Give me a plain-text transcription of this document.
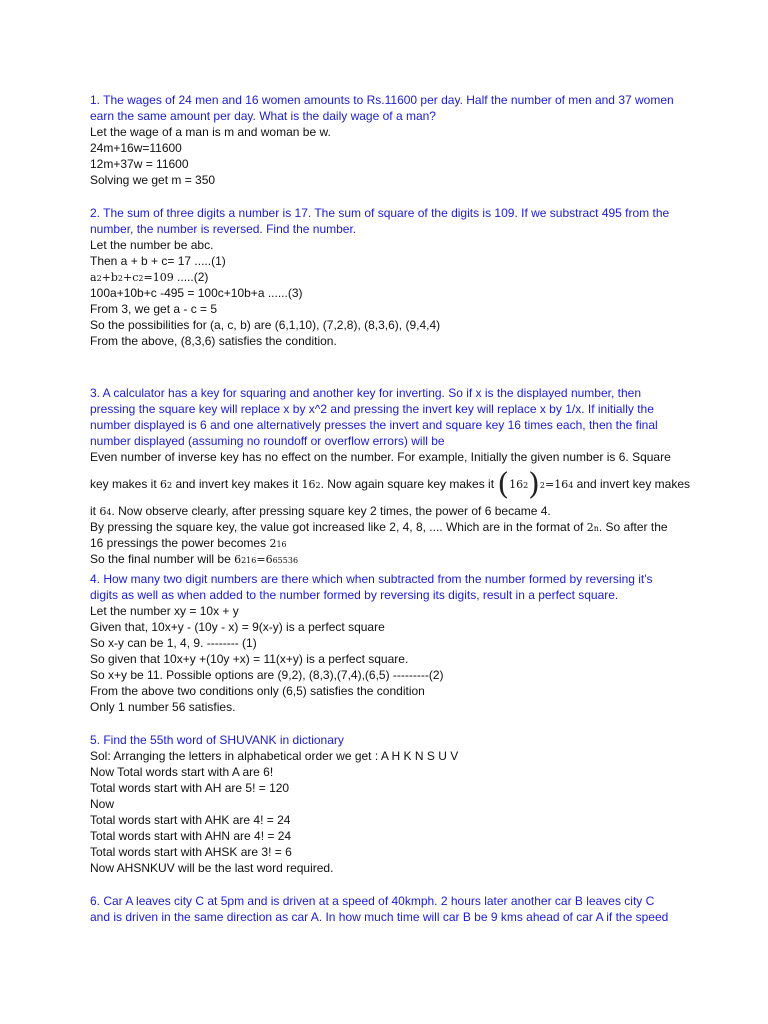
1. The wages of 24 men and 16 women amounts to Rs.11600 per day. Half the number of men and 37 women
earn the same amount per day. What is the daily wage of a man?
Let the wage of a man is m and woman be w.
24m+16w=11600
12m+37w = 11600
Solving we get m = 350
2. The sum of three digits a number is 17. The sum of square of the digits is 109. If we substract 495 from the
number, the number is reversed. Find the number.
Let the number be abc.
Then a + b + c= 17 .....(1)
a2+b2+c2=109 .....(2)
100a+10b+c -495 = 100c+10b+a ......(3)
From 3, we get a - c = 5
So the possibilities for (a, c, b) are (6,1,10), (7,2,8), (8,3,6), (9,4,4)
From the above, (8,3,6) satisfies the condition.
3. A calculator has a key for squaring and another key for inverting. So if x is the displayed number, then
pressing the square key will replace x by x^2 and pressing the invert key will replace x by 1/x. If initially the
number displayed is 6 and one alternatively presses the invert and square key 16 times each, then the final
number displayed (assuming no roundoff or overflow errors) will be
Even number of inverse key has no effect on the number. For example, Initially the given number is 6. Square
key makes it 62 and invert key makes it 162. Now again square key makes it (162)2=164 and invert key makes
it 64. Now observe clearly, after pressing square key 2 times, the power of 6 became 4.
By pressing the square key, the value got increased like 2, 4, 8, .... Which are in the format of 2n. So after the
16 pressings the power becomes 216
So the final number will be 6216=665536
4. How many two digit numbers are there which when subtracted from the number formed by reversing it's
digits as well as when added to the number formed by reversing its digits, result in a perfect square.
Let the number xy = 10x + y
Given that, 10x+y - (10y - x) = 9(x-y) is a perfect square
So x-y can be 1, 4, 9. -------- (1)
So given that 10x+y +(10y +x) = 11(x+y) is a perfect square.
So x+y be 11. Possible options are (9,2), (8,3),(7,4),(6,5) ---------(2)
From the above two conditions only (6,5) satisfies the condition
Only 1 number 56 satisfies.
5. Find the 55th word of SHUVANK in dictionary
Sol: Arranging the letters in alphabetical order we get : A H K N S U V
Now Total words start with A are 6!
Total words start with AH are 5! = 120
Now
Total words start with AHK are 4! = 24
Total words start with AHN are 4! = 24
Total words start with AHSK are 3! = 6
Now AHSNKUV will be the last word required.
6. Car A leaves city C at 5pm and is driven at a speed of 40kmph. 2 hours later another car B leaves city C
and is driven in the same direction as car A. In how much time will car B be 9 kms ahead of car A if the speed
